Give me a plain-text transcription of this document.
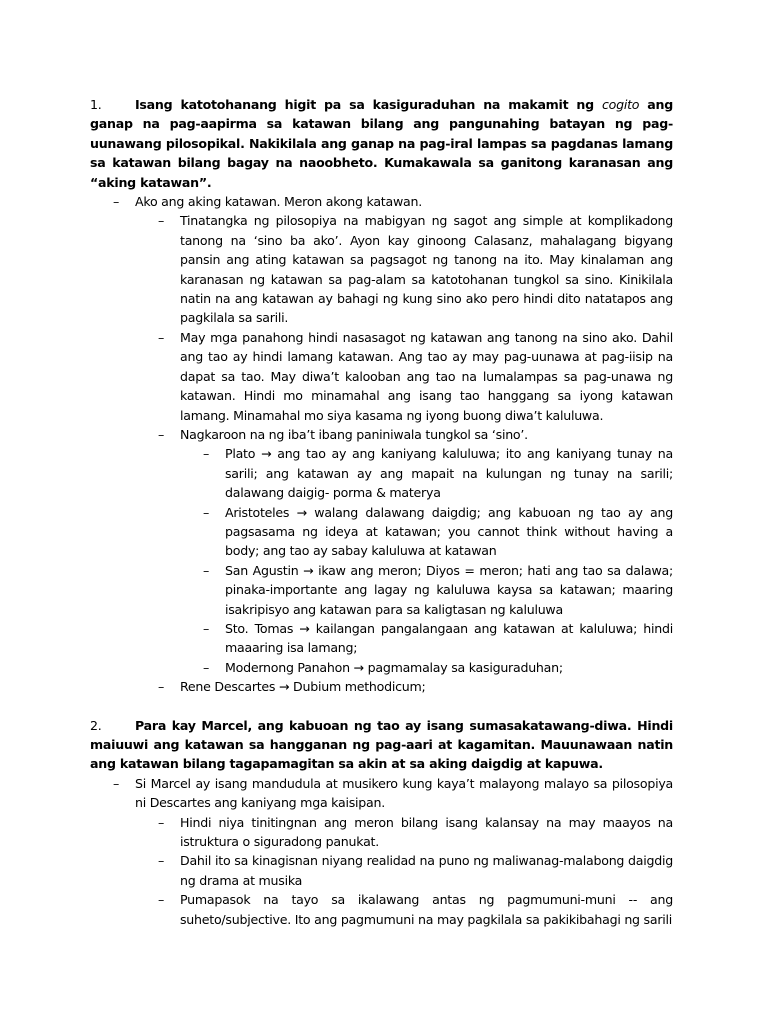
1.	Isang katotohanang higit pa sa kasiguraduhan na makamit ng cogito ang ganap na pag-aapirma sa katawan bilang ang pangunahing batayan ng pag-uunawang pilosopikal. Nakikilala ang ganap na pag-iral lampas sa pagdanas lamang sa katawan bilang bagay na naoobheto. Kumakawala sa ganitong karanasan ang “aking katawan”.
– Ako ang aking katawan. Meron akong katawan.
– Tinatangka ng pilosopiya na mabigyan ng sagot ang simple at komplikadong tanong na ‘sino ba ako’. Ayon kay ginoong Calasanz, mahalagang bigyang pansin ang ating katawan sa pagsagot ng tanong na ito. May kinalaman ang karanasan ng katawan sa pag-alam sa katotohanan tungkol sa sino. Kinikilala natin na ang katawan ay bahagi ng kung sino ako pero hindi dito natatapos ang pagkilala sa sarili.
– May mga panahong hindi nasasagot ng katawan ang tanong na sino ako. Dahil ang tao ay hindi lamang katawan. Ang tao ay may pag-uunawa at pag-iisip na dapat sa tao. May diwa’t kalooban ang tao na lumalampas sa pag-unawa ng katawan. Hindi mo minamahal ang isang tao hanggang sa iyong katawan lamang. Minamahal mo siya kasama ng iyong buong diwa’t kaluluwa.
– Nagkaroon na ng iba’t ibang paniniwala tungkol sa ‘sino’.
– Plato → ang tao ay ang kaniyang kaluluwa; ito ang kaniyang tunay na sarili; ang katawan ay ang mapait na kulungan ng tunay na sarili; dalawang daigig- porma & materya
– Aristoteles → walang dalawang daigdig; ang kabuoan ng tao ay ang pagsasama ng ideya at katawan; you cannot think without having a body; ang tao ay sabay kaluluwa at katawan
– San Agustin → ikaw ang meron; Diyos = meron; hati ang tao sa dalawa; pinaka-importante ang lagay ng kaluluwa kaysa sa katawan; maaring isakripisyo ang katawan para sa kaligtasan ng kaluluwa
– Sto. Tomas → kailangan pangalangaan ang katawan at kaluluwa; hindi maaaring isa lamang;
– Modernong Panahon → pagmamalay sa kasiguraduhan;
– Rene Descartes → Dubium methodicum;
2.	Para kay Marcel, ang kabuoan ng tao ay isang sumasakatawang-diwa. Hindi maiuuwi ang katawan sa hangganan ng pag-aari at kagamitan. Mauunawaan natin ang katawan bilang tagapamagitan sa akin at sa aking daigdig at kapuwa.
– Si Marcel ay isang mandudula at musikero kung kaya’t malayong malayo sa pilosopiya ni Descartes ang kaniyang mga kaisipan.
– Hindi niya tinitingnan ang meron bilang isang kalansay na may maayos na istruktura o siguradong panukat.
– Dahil ito sa kinagisnan niyang realidad na puno ng maliwanag-malabong daigdig ng drama at musika
– Pumapasok na tayo sa ikalawang antas ng pagmumuni-muni -- ang suheto/subjective. Ito ang pagmumuni na may pagkilala sa pakikibahagi ng sarili
